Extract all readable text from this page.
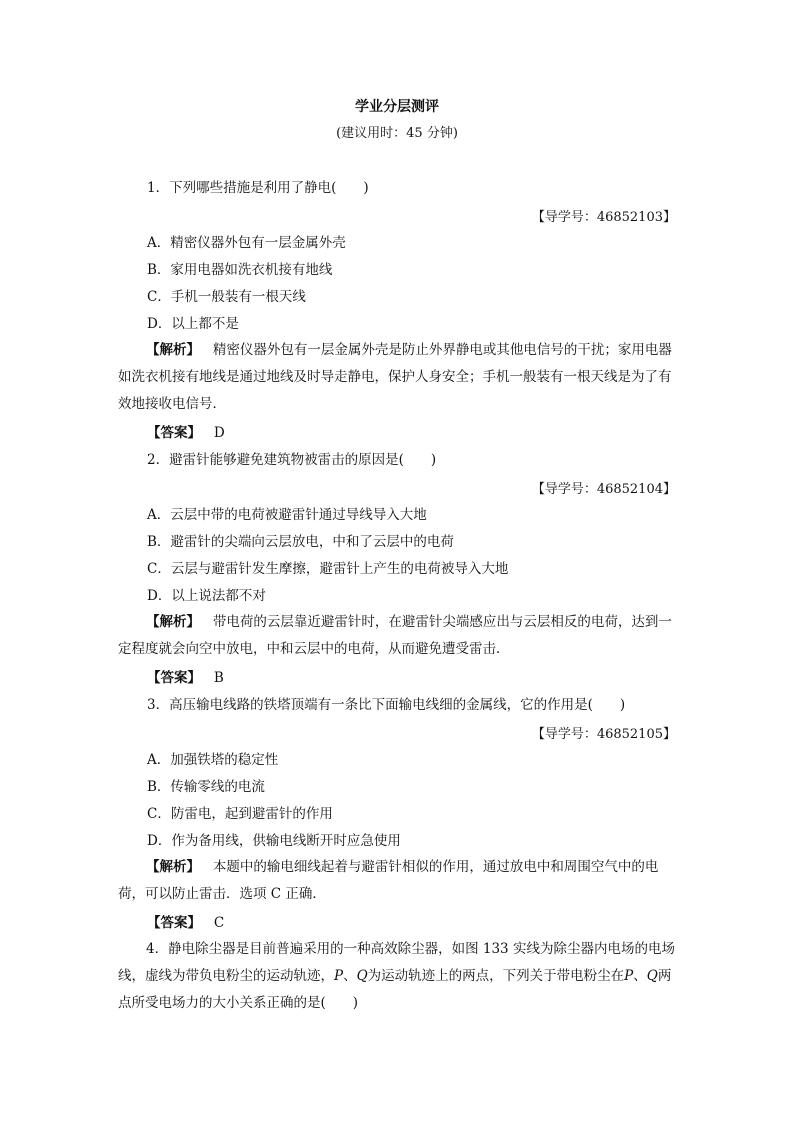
学业分层测评
(建议用时：45 分钟)
1．下列哪些措施是利用了静电(　　)
【导学号：46852103】
A．精密仪器外包有一层金属外壳
B．家用电器如洗衣机接有地线
C．手机一般装有一根天线
D．以上都不是
【解析】 精密仪器外包有一层金属外壳是防止外界静电或其他电信号的干扰；家用电器如洗衣机接有地线是通过地线及时导走静电，保护人身安全；手机一般装有一根天线是为了有效地接收电信号．
【答案】 D
2．避雷针能够避免建筑物被雷击的原因是(　　)
【导学号：46852104】
A．云层中带的电荷被避雷针通过导线导入大地
B．避雷针的尖端向云层放电，中和了云层中的电荷
C．云层与避雷针发生摩擦，避雷针上产生的电荷被导入大地
D．以上说法都不对
【解析】 带电荷的云层靠近避雷针时，在避雷针尖端感应出与云层相反的电荷，达到一定程度就会向空中放电，中和云层中的电荷，从而避免遭受雷击．
【答案】 B
3．高压输电线路的铁塔顶端有一条比下面输电线细的金属线，它的作用是(　　)
【导学号：46852105】
A．加强铁塔的稳定性
B．传输零线的电流
C．防雷电，起到避雷针的作用
D．作为备用线，供输电线断开时应急使用
【解析】 本题中的输电细线起着与避雷针相似的作用，通过放电中和周围空气中的电荷，可以防止雷击．选项 C 正确．
【答案】 C
4．静电除尘器是目前普遍采用的一种高效除尘器，如图 133 实线为除尘器内电场的电场线，虚线为带负电粉尘的运动轨迹，P、Q为运动轨迹上的两点，下列关于带电粉尘在P、Q两点所受电场力的大小关系正确的是(　　)
